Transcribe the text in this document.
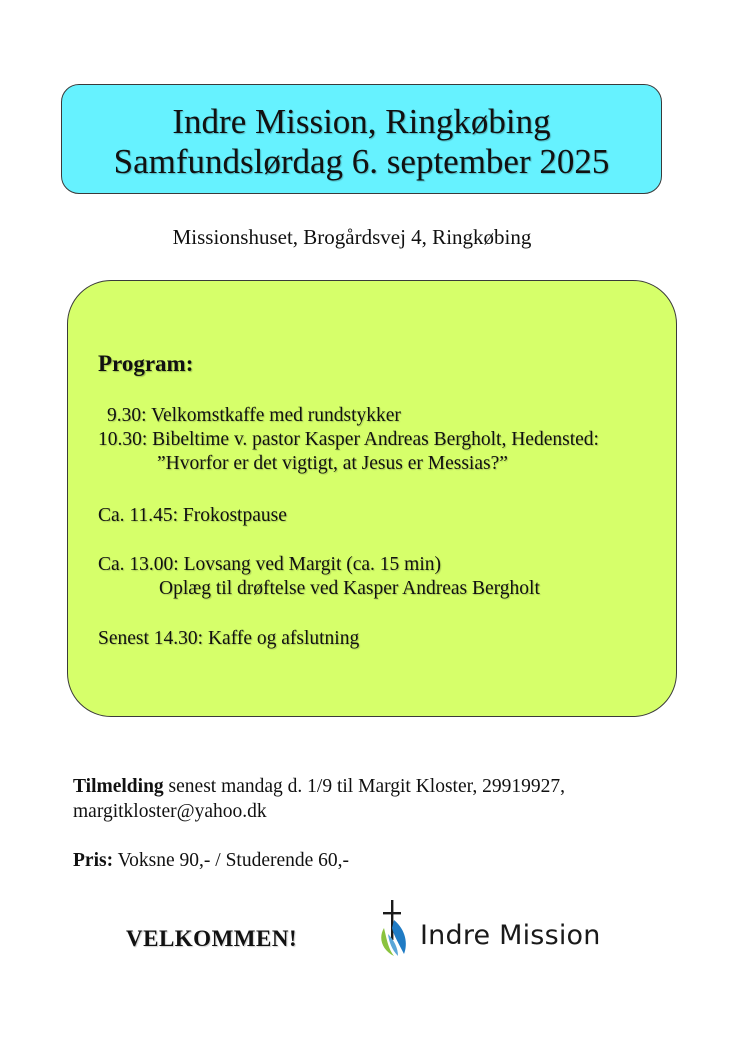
Indre Mission, Ringkøbing
Samfundslørdag 6. september 2025
Missionshuset, Brogårdsvej 4, Ringkøbing
Program:
9.30: Velkomstkaffe med rundstykker
10.30: Bibeltime v. pastor Kasper Andreas Bergholt, Hedensted:
”Hvorfor er det vigtigt, at Jesus er Messias?”
Ca. 11.45: Frokostpause
Ca. 13.00: Lovsang ved Margit (ca. 15 min)
Oplæg til drøftelse ved Kasper Andreas Bergholt
Senest 14.30: Kaffe og afslutning
Tilmelding senest mandag d. 1/9 til Margit Kloster, 29919927,
margitkloster@yahoo.dk
Pris: Voksne 90,- / Studerende 60,-
VELKOMMEN!	Indre Mission
